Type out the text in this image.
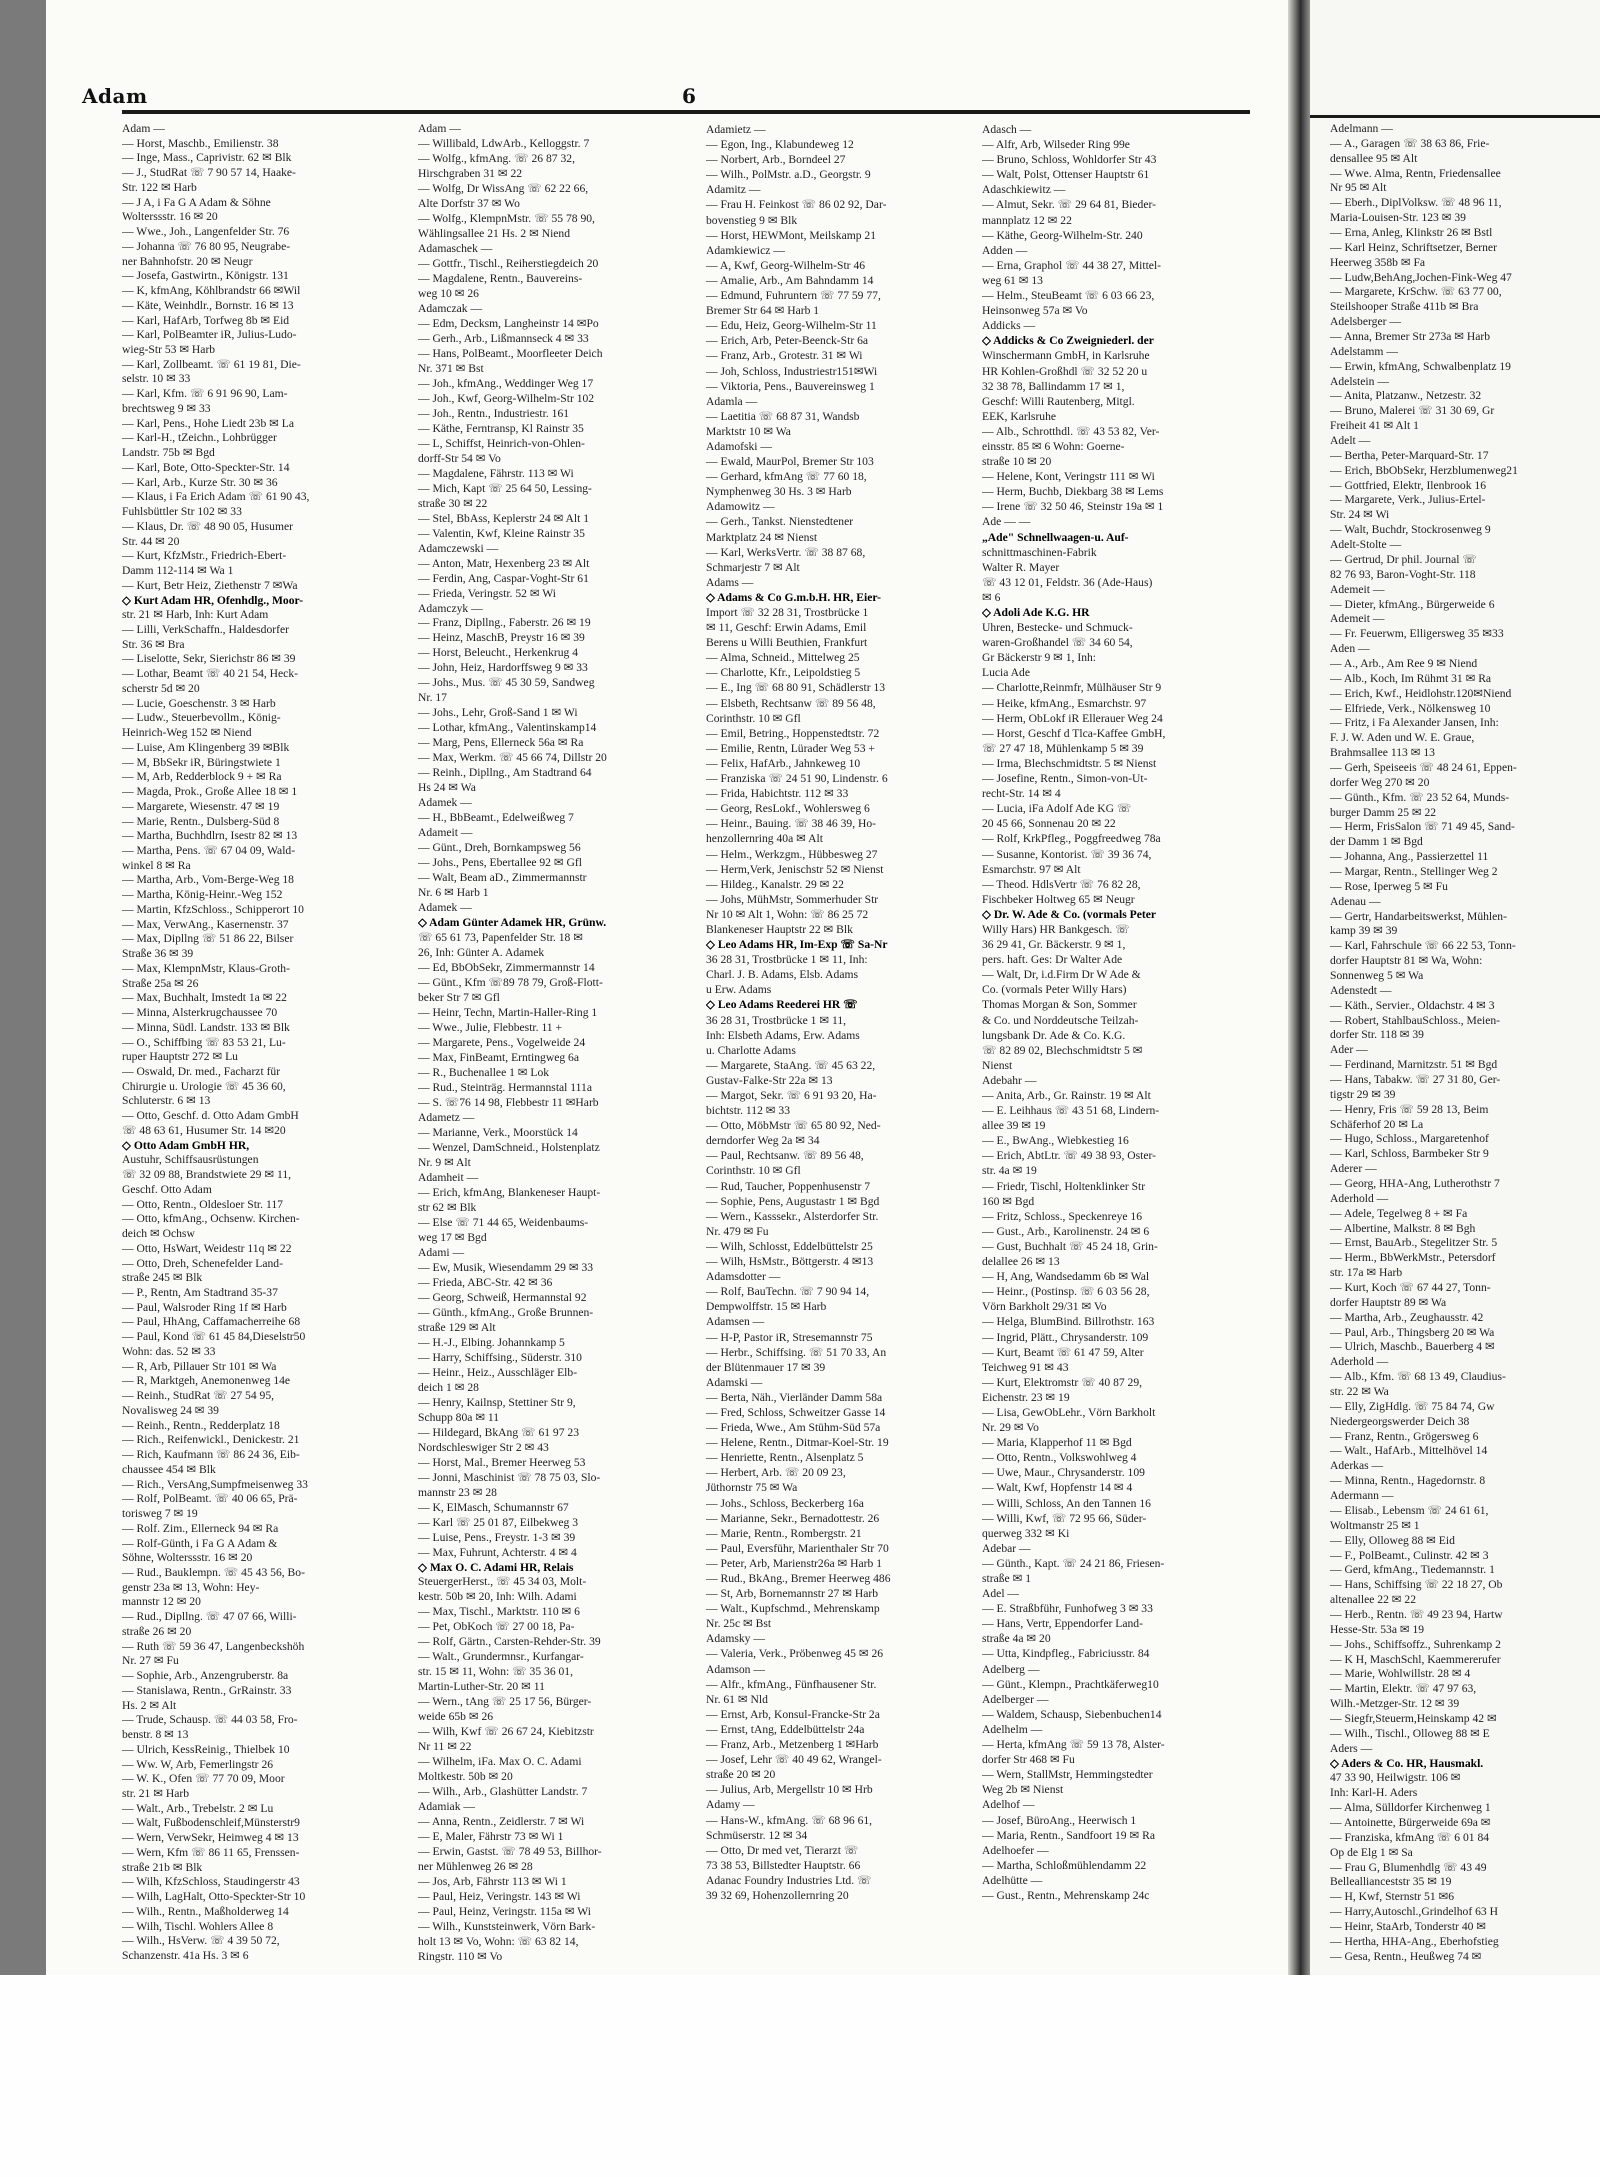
Adelmann —
— A., Garagen ☏ 38 63 86, Frie-
densallee 95 ✉ Alt
— Wwe. Alma, Rentn, Friedensallee
Nr 95 ✉ Alt
— Eberh., DiplVolksw. ☏ 48 96 11,
Maria-Louisen-Str. 123 ✉ 39
— Erna, Anleg, Klinkstr 26 ✉ Bstl
— Karl Heinz, Schriftsetzer, Berner
Heerweg 358b ✉ Fa
— Ludw,BehAng,Jochen-Fink-Weg 47
— Margarete, KrSchw. ☏ 63 77 00,
Steilshooper Straße 411b ✉ Bra
Adelsberger —
— Anna, Bremer Str 273a ✉ Harb
Adelstamm —
— Erwin, kfmAng, Schwalbenplatz 19
Adelstein —
— Anita, Platzanw., Netzestr. 32
— Bruno, Malerei ☏ 31 30 69, Gr
Freiheit 41 ✉ Alt 1
Adelt —
— Bertha, Peter-Marquard-Str. 17
— Erich, BbObSekr, Herzblumenweg21
— Gottfried, Elektr, Ilenbrook 16
— Margarete, Verk., Julius-Ertel-
Str. 24 ✉ Wi
— Walt, Buchdr, Stockrosenweg 9
Adelt-Stolte —
— Gertrud, Dr phil. Journal ☏
82 76 93, Baron-Voght-Str. 118
Ademeit —
— Dieter, kfmAng., Bürgerweide 6
Ademeit —
— Fr. Feuerwm, Elligersweg 35 ✉33
Aden —
— A., Arb., Am Ree 9 ✉ Niend
— Alb., Koch, Im Rühmt 31 ✉ Ra
— Erich, Kwf., Heidlohstr.120✉Niend
— Elfriede, Verk., Nölkensweg 10
— Fritz, i Fa Alexander Jansen, Inh:
F. J. W. Aden und W. E. Graue,
Brahmsallee 113 ✉ 13
— Gerh, Speiseeis ☏ 48 24 61, Eppen-
dorfer Weg 270 ✉ 20
— Günth., Kfm. ☏ 23 52 64, Munds-
burger Damm 25 ✉ 22
— Herm, FrisSalon ☏ 71 49 45, Sand-
der Damm 1 ✉ Bgd
— Johanna, Ang., Passierzettel 11
— Margar, Rentn., Stellinger Weg 2
— Rose, Iperweg 5 ✉ Fu
Adenau —
— Gertr, Handarbeitswerkst, Mühlen-
kamp 39 ✉ 39
— Karl, Fahrschule ☏ 66 22 53, Tonn-
dorfer Hauptstr 81 ✉ Wa, Wohn:
Sonnenweg 5 ✉ Wa
Adenstedt —
— Käth., Servier., Oldachstr. 4 ✉ 3
— Robert, StahlbauSchloss., Meien-
dorfer Str. 118 ✉ 39
Ader —
— Ferdinand, Marnitzstr. 51 ✉ Bgd
— Hans, Tabakw. ☏ 27 31 80, Ger-
tigstr 29 ✉ 39
— Henry, Fris ☏ 59 28 13, Beim
Schäferhof 20 ✉ La
— Hugo, Schloss., Margaretenhof
— Karl, Schloss, Barmbeker Str 9
Aderer —
— Georg, HHA-Ang, Lutherothstr 7
Aderhold —
— Adele, Tegelweg 8 + ✉ Fa
— Albertine, Malkstr. 8 ✉ Bgh
— Ernst, BauArb., Stegelitzer Str. 5
— Herm., BbWerkMstr., Petersdorf
str. 17a ✉ Harb
— Kurt, Koch ☏ 67 44 27, Tonn-
dorfer Hauptstr 89 ✉ Wa
— Martha, Arb., Zeughausstr. 42
— Paul, Arb., Thingsberg 20 ✉ Wa
— Ulrich, Maschb., Bauerberg 4 ✉
Aderhold —
— Alb., Kfm. ☏ 68 13 49, Claudius-
str. 22 ✉ Wa
— Elly, ZigHdlg. ☏ 75 84 74, Gw
Niedergeorgswerder Deich 38
— Franz, Rentn., Grögersweg 6
— Walt., HafArb., Mittelhövel 14
Aderkas —
— Minna, Rentn., Hagedornstr. 8
Adermann —
— Elisab., Lebensm ☏ 24 61 61,
Woltmanstr 25 ✉ 1
— Elly, Olloweg 88 ✉ Eid
— F., PolBeamt., Culinstr. 42 ✉ 3
— Gerd, kfmAng., Tiedemannstr. 1
— Hans, Schiffsing ☏ 22 18 27, Ob
altenallee 22 ✉ 22
— Herb., Rentn. ☏ 49 23 94, Hartw
Hesse-Str. 53a ✉ 19
— Johs., Schiffsoffz., Suhrenkamp 2
— K H, MaschSchl, Kaemmererufer
— Marie, Wohlwillstr. 28 ✉ 4
— Martin, Elektr. ☏ 47 97 63,
Wilh.-Metzger-Str. 12 ✉ 39
— Siegfr,Steuerm,Heinskamp 42 ✉
— Wilh., Tischl., Olloweg 88 ✉ E
Aders —
◇ Aders & Co. HR, Hausmakl.
47 33 90, Heilwigstr. 106 ✉
Inh: Karl-H. Aders
— Alma, Sülldorfer Kirchenweg 1
— Antoinette, Bürgerweide 69a ✉
— Franziska, kfmAng ☏ 6 01 84
Op de Elg 1 ✉ Sa
— Frau G, Blumenhdlg ☏ 43 49
Belleallianceststr 35 ✉ 19
— H, Kwf, Sternstr 51 ✉6
— Harry,Autoschl.,Grindelhof 63 H
— Heinr, StaArb, Tonderstr 40 ✉
— Hertha, HHA-Ang., Eberhofstieg
— Gesa, Rentn., Heußweg 74 ✉
Adam	6
Adam —
— Horst, Maschb., Emilienstr. 38
— Inge, Mass., Caprivistr. 62 ✉ Blk
— J., StudRat ☏ 7 90 57 14, Haake-
Str. 122 ✉ Harb
— J A, i Fa G A Adam & Söhne
Wolterssstr. 16 ✉ 20
— Wwe., Joh., Langenfelder Str. 76
— Johanna ☏ 76 80 95, Neugrabe-
ner Bahnhofstr. 20 ✉ Neugr
— Josefa, Gastwirtn., Königstr. 131
— K, kfmAng, Köhlbrandstr 66 ✉Wil
— Käte, Weinhdlr., Bornstr. 16 ✉ 13
— Karl, HafArb, Torfweg 8b ✉ Eid
— Karl, PolBeamter iR, Julius-Ludo-
wieg-Str 53 ✉ Harb
— Karl, Zollbeamt. ☏ 61 19 81, Die-
selstr. 10 ✉ 33
— Karl, Kfm. ☏ 6 91 96 90, Lam-
brechtsweg 9 ✉ 33
— Karl, Pens., Hohe Liedt 23b ✉ La
— Karl-H., tZeichn., Lohbrügger
Landstr. 75b ✉ Bgd
— Karl, Bote, Otto-Speckter-Str. 14
— Karl, Arb., Kurze Str. 30 ✉ 36
— Klaus, i Fa Erich Adam ☏ 61 90 43,
Fuhlsbüttler Str 102 ✉ 33
— Klaus, Dr. ☏ 48 90 05, Husumer
Str. 44 ✉ 20
— Kurt, KfzMstr., Friedrich-Ebert-
Damm 112-114 ✉ Wa 1
— Kurt, Betr Heiz, Ziethenstr 7 ✉Wa
◇ Kurt Adam HR, Ofenhdlg., Moor-
str. 21 ✉ Harb, Inh: Kurt Adam
— Lilli, VerkSchaffn., Haldesdorfer
Str. 36 ✉ Bra
— Liselotte, Sekr, Sierichstr 86 ✉ 39
— Lothar, Beamt ☏ 40 21 54, Heck-
scherstr 5d ✉ 20
— Lucie, Goeschenstr. 3 ✉ Harb
— Ludw., Steuerbevollm., König-
Heinrich-Weg 152 ✉ Niend
— Luise, Am Klingenberg 39 ✉Blk
— M, BbSekr iR, Büringstwiete 1
— M, Arb, Redderblock 9 + ✉ Ra
— Magda, Prok., Große Allee 18 ✉ 1
— Margarete, Wiesenstr. 47 ✉ 19
— Marie, Rentn., Dulsberg-Süd 8
— Martha, Buchhdlrn, Isestr 82 ✉ 13
— Martha, Pens. ☏ 67 04 09, Wald-
winkel 8 ✉ Ra
— Martha, Arb., Vom-Berge-Weg 18
— Martha, König-Heinr.-Weg 152
— Martin, KfzSchloss., Schipperort 10
— Max, VerwAng., Kasernenstr. 37
— Max, Dipllng ☏ 51 86 22, Bilser
Straße 36 ✉ 39
— Max, KlempnMstr, Klaus-Groth-
Straße 25a ✉ 26
— Max, Buchhalt, Imstedt 1a ✉ 22
— Minna, Alsterkrugchaussee 70
— Minna, Südl. Landstr. 133 ✉ Blk
— O., Schiffbing ☏ 83 53 21, Lu-
ruper Hauptstr 272 ✉ Lu
— Oswald, Dr. med., Facharzt für
Chirurgie u. Urologie ☏ 45 36 60,
Schluterstr. 6 ✉ 13
— Otto, Geschf. d. Otto Adam GmbH
☏ 48 63 61, Husumer Str. 14 ✉20
◇ Otto Adam GmbH HR,
Austuhr, Schiffsausrüstungen
☏ 32 09 88, Brandstwiete 29 ✉ 11,
Geschf. Otto Adam
— Otto, Rentn., Oldesloer Str. 117
— Otto, kfmAng., Ochsenw. Kirchen-
deich ✉ Ochsw
— Otto, HsWart, Weidestr 11q ✉ 22
— Otto, Dreh, Schenefelder Land-
straße 245 ✉ Blk
— P., Rentn, Am Stadtrand 35-37
— Paul, Walsroder Ring 1f ✉ Harb
— Paul, HhAng, Caffamacherreihe 68
— Paul, Kond ☏ 61 45 84,Dieselstr50
Wohn: das. 52 ✉ 33
— R, Arb, Pillauer Str 101 ✉ Wa
— R, Marktgeh, Anemonenweg 14e
— Reinh., StudRat ☏ 27 54 95,
Novalisweg 24 ✉ 39
— Reinh., Rentn., Redderplatz 18
— Rich., Reifenwickl., Denickestr. 21
— Rich, Kaufmann ☏ 86 24 36, Eib-
chaussee 454 ✉ Blk
— Rich., VersAng,Sumpfmeisenweg 33
— Rolf, PolBeamt. ☏ 40 06 65, Prä-
torisweg 7 ✉ 19
— Rolf. Zim., Ellerneck 94 ✉ Ra
— Rolf-Günth, i Fa G A Adam &
Söhne, Wolterssstr. 16 ✉ 20
— Rud., Bauklempn. ☏ 45 43 56, Bo-
genstr 23a ✉ 13, Wohn: Hey-
mannstr 12 ✉ 20
— Rud., Dipllng. ☏ 47 07 66, Willi-
straße 26 ✉ 20
— Ruth ☏ 59 36 47, Langenbeckshöh
Nr. 27 ✉ Fu
— Sophie, Arb., Anzengruberstr. 8a
— Stanislawa, Rentn., GrRainstr. 33
Hs. 2 ✉ Alt
— Trude, Schausp. ☏ 44 03 58, Fro-
benstr. 8 ✉ 13
— Ulrich, KessReinig., Thielbek 10
— Ww. W, Arb, Femerlingstr 26
— W. K., Ofen ☏ 77 70 09, Moor
str. 21 ✉ Harb
— Walt., Arb., Trebelstr. 2 ✉ Lu
— Walt, Fußbodenschleif,Münsterstr9
— Wern, VerwSekr, Heimweg 4 ✉ 13
— Wern, Kfm ☏ 86 11 65, Frenssen-
straße 21b ✉ Blk
— Wilh, KfzSchloss, Staudingerstr 43
— Wilh, LagHalt, Otto-Speckter-Str 10
— Wilh., Rentn., Maßholderweg 14
— Wilh, Tischl. Wohlers Allee 8
— Wilh., HsVerw. ☏ 4 39 50 72,
Schanzenstr. 41a Hs. 3 ✉ 6
Adam —
— Willibald, LdwArb., Kelloggstr. 7
— Wolfg., kfmAng. ☏ 26 87 32,
Hirschgraben 31 ✉ 22
— Wolfg, Dr WissAng ☏ 62 22 66,
Alte Dorfstr 37 ✉ Wo
— Wolfg., KlempnMstr. ☏ 55 78 90,
Wählingsallee 21 Hs. 2 ✉ Niend
Adamaschek —
— Gottfr., Tischl., Reiherstiegdeich 20
— Magdalene, Rentn., Bauvereins-
weg 10 ✉ 26
Adamczak —
— Edm, Decksm, Langheinstr 14 ✉Po
— Gerh., Arb., Lißmannseck 4 ✉ 33
— Hans, PolBeamt., Moorfleeter Deich
Nr. 371 ✉ Bst
— Joh., kfmAng., Weddinger Weg 17
— Joh., Kwf, Georg-Wilhelm-Str 102
— Joh., Rentn., Industriestr. 161
— Käthe, Ferntransp, Kl Rainstr 35
— L, Schiffst, Heinrich-von-Ohlen-
dorff-Str 54 ✉ Vo
— Magdalene, Fährstr. 113 ✉ Wi
— Mich, Kapt ☏ 25 64 50, Lessing-
straße 30 ✉ 22
— Stel, BbAss, Keplerstr 24 ✉ Alt 1
— Valentin, Kwf, Kleine Rainstr 35
Adamczewski —
— Anton, Matr, Hexenberg 23 ✉ Alt
— Ferdin, Ang, Caspar-Voght-Str 61
— Frieda, Veringstr. 52 ✉ Wi
Adamczyk —
— Franz, Dipllng., Faberstr. 26 ✉ 19
— Heinz, MaschB, Preystr 16 ✉ 39
— Horst, Beleucht., Herkenkrug 4
— John, Heiz, Hardorffsweg 9 ✉ 33
— Johs., Mus. ☏ 45 30 59, Sandweg
Nr. 17
— Johs., Lehr, Groß-Sand 1 ✉ Wi
— Lothar, kfmAng., Valentinskamp14
— Marg, Pens, Ellerneck 56a ✉ Ra
— Max, Werkm. ☏ 45 66 74, Dillstr 20
— Reinh., Dipllng., Am Stadtrand 64
Hs 24 ✉ Wa
Adamek —
— H., BbBeamt., Edelweißweg 7
Adameit —
— Günt., Dreh, Bornkampsweg 56
— Johs., Pens, Ebertallee 92 ✉ Gfl
— Walt, Beam aD., Zimmermannstr
Nr. 6 ✉ Harb 1
Adamek —
◇ Adam Günter Adamek HR, Grünw.
☏ 65 61 73, Papenfelder Str. 18 ✉
26, Inh: Günter A. Adamek
— Ed, BbObSekr, Zimmermannstr 14
— Günt., Kfm ☏89 78 79, Groß-Flott-
beker Str 7 ✉ Gfl
— Heinr, Techn, Martin-Haller-Ring 1
— Wwe., Julie, Flebbestr. 11 +
— Margarete, Pens., Vogelweide 24
— Max, FinBeamt, Erntingweg 6a
— R., Buchenallee 1 ✉ Lok
— Rud., Steinträg. Hermannstal 111a
— S. ☏76 14 98, Flebbestr 11 ✉Harb
Adametz —
— Marianne, Verk., Moorstück 14
— Wenzel, DamSchneid., Holstenplatz
Nr. 9 ✉ Alt
Adamheit —
— Erich, kfmAng, Blankeneser Haupt-
str 62 ✉ Blk
— Else ☏ 71 44 65, Weidenbaums-
weg 17 ✉ Bgd
Adami —
— Ew, Musik, Wiesendamm 29 ✉ 33
— Frieda, ABC-Str. 42 ✉ 36
— Georg, Schweiß, Hermannstal 92
— Günth., kfmAng., Große Brunnen-
straße 129 ✉ Alt
— H.-J., Elbing. Johannkamp 5
— Harry, Schiffsing., Süderstr. 310
— Heinr., Heiz., Ausschläger Elb-
deich 1 ✉ 28
— Henry, Kailnsp, Stettiner Str 9,
Schupp 80a ✉ 11
— Hildegard, BkAng ☏ 61 97 23
Nordschleswiger Str 2 ✉ 43
— Horst, Mal., Bremer Heerweg 53
— Jonni, Maschinist ☏ 78 75 03, Slo-
mannstr 23 ✉ 28
— K, ElMasch, Schumannstr 67
— Karl ☏ 25 01 87, Eilbekweg 3
— Luise, Pens., Freystr. 1-3 ✉ 39
— Max, Fuhrunt, Achterstr. 4 ✉ 4
◇ Max O. C. Adami HR, Relais
SteuergerHerst., ☏ 45 34 03, Molt-
kestr. 50b ✉ 20, Inh: Wilh. Adami
— Max, Tischl., Marktstr. 110 ✉ 6
— Pet, ObKoch ☏ 27 00 18, Pa-
— Rolf, Gärtn., Carsten-Rehder-Str. 39
— Walt., Grundermnsr., Kurfangar-
str. 15 ✉ 11, Wohn: ☏ 35 36 01,
Martin-Luther-Str. 20 ✉ 11
— Wern., tAng ☏ 25 17 56, Bürger-
weide 65b ✉ 26
— Wilh, Kwf ☏ 26 67 24, Kiebitzstr
Nr 11 ✉ 22
— Wilhelm, iFa. Max O. C. Adami
Moltkestr. 50b ✉ 20
— Wilh., Arb., Glashütter Landstr. 7
Adamiak —
— Anna, Rentn., Zeidlerstr. 7 ✉ Wi
— E, Maler, Fährstr 73 ✉ Wi 1
— Erwin, Gastst. ☏ 78 49 53, Billhor-
ner Mühlenweg 26 ✉ 28
— Jos, Arb, Fährstr 113 ✉ Wi 1
— Paul, Heiz, Veringstr. 143 ✉ Wi
— Paul, Heinz, Veringstr. 115a ✉ Wi
— Wilh., Kunststeinwerk, Vörn Bark-
holt 13 ✉ Vo, Wohn: ☏ 63 82 14,
Ringstr. 110 ✉ Vo
Adamietz —
— Egon, Ing., Klabundeweg 12
— Norbert, Arb., Borndeel 27
— Wilh., PolMstr. a.D., Georgstr. 9
Adamitz —
— Frau H. Feinkost ☏ 86 02 92, Dar-
bovenstieg 9 ✉ Blk
— Horst, HEWMont, Meilskamp 21
Adamkiewicz —
— A, Kwf, Georg-Wilhelm-Str 46
— Amalie, Arb., Am Bahndamm 14
— Edmund, Fuhruntern ☏ 77 59 77,
Bremer Str 64 ✉ Harb 1
— Edu, Heiz, Georg-Wilhelm-Str 11
— Erich, Arb, Peter-Beenck-Str 6a
— Franz, Arb., Grotestr. 31 ✉ Wi
— Joh, Schloss, Industriestr151✉Wi
— Viktoria, Pens., Bauvereinsweg 1
Adamla —
— Laetitia ☏ 68 87 31, Wandsb
Marktstr 10 ✉ Wa
Adamofski —
— Ewald, MaurPol, Bremer Str 103
— Gerhard, kfmAng ☏ 77 60 18,
Nymphenweg 30 Hs. 3 ✉ Harb
Adamowitz —
— Gerh., Tankst. Nienstedtener
Marktplatz 24 ✉ Nienst
— Karl, WerksVertr. ☏ 38 87 68,
Schmarjestr 7 ✉ Alt
Adams —
◇ Adams & Co G.m.b.H. HR, Eier-
Import ☏ 32 28 31, Trostbrücke 1
✉ 11, Geschf: Erwin Adams, Emil
Berens u Willi Beuthien, Frankfurt
— Alma, Schneid., Mittelweg 25
— Charlotte, Kfr., Leipoldstieg 5
— E., Ing ☏ 68 80 91, Schädlerstr 13
— Elsbeth, Rechtsanw ☏ 89 56 48,
Corinthstr. 10 ✉ Gfl
— Emil, Betring., Hoppenstedtstr. 72
— Emilie, Rentn, Lürader Weg 53 +
— Felix, HafArb., Jahnkeweg 10
— Franziska ☏ 24 51 90, Lindenstr. 6
— Frida, Habichtstr. 112 ✉ 33
— Georg, ResLokf., Wohlersweg 6
— Heinr., Bauing. ☏ 38 46 39, Ho-
henzollernring 40a ✉ Alt
— Helm., Werkzgm., Hübbesweg 27
— Herm,Verk, Jenischstr 52 ✉ Nienst
— Hildeg., Kanalstr. 29 ✉ 22
— Johs, MühMstr, Sommerhuder Str
Nr 10 ✉ Alt 1, Wohn: ☏ 86 25 72
Blankeneser Hauptstr 22 ✉ Blk
◇ Leo Adams HR, Im-Exp ☏ Sa-Nr
36 28 31, Trostbrücke 1 ✉ 11, Inh:
Charl. J. B. Adams, Elsb. Adams
u Erw. Adams
◇ Leo Adams Reederei HR ☏
36 28 31, Trostbrücke 1 ✉ 11,
Inh: Elsbeth Adams, Erw. Adams
u. Charlotte Adams
— Margarete, StaAng. ☏ 45 63 22,
Gustav-Falke-Str 22a ✉ 13
— Margot, Sekr. ☏ 6 91 93 20, Ha-
bichtstr. 112 ✉ 33
— Otto, MöbMstr ☏ 65 80 92, Ned-
derndorfer Weg 2a ✉ 34
— Paul, Rechtsanw. ☏ 89 56 48,
Corinthstr. 10 ✉ Gfl
— Rud, Taucher, Poppenhusenstr 7
— Sophie, Pens, Augustastr 1 ✉ Bgd
— Wern., Kasssekr., Alsterdorfer Str.
Nr. 479 ✉ Fu
— Wilh, Schlosst, Eddelbüttelstr 25
— Wilh, HsMstr., Böttgerstr. 4 ✉13
Adamsdotter —
— Rolf, BauTechn. ☏ 7 90 94 14,
Dempwolffstr. 15 ✉ Harb
Adamsen —
— H-P, Pastor iR, Stresemannstr 75
— Herbr., Schiffsing. ☏ 51 70 33, An
der Blütenmauer 17 ✉ 39
Adamski —
— Berta, Näh., Vierländer Damm 58a
— Fred, Schloss, Schweitzer Gasse 14
— Frieda, Wwe., Am Stühm-Süd 57a
— Helene, Rentn., Ditmar-Koel-Str. 19
— Henriette, Rentn., Alsenplatz 5
— Herbert, Arb. ☏ 20 09 23,
Jüthornstr 75 ✉ Wa
— Johs., Schloss, Beckerberg 16a
— Marianne, Sekr., Bernadottestr. 26
— Marie, Rentn., Rombergstr. 21
— Paul, Eversführ, Marienthaler Str 70
— Peter, Arb, Marienstr26a ✉ Harb 1
— Rud., BkAng., Bremer Heerweg 486
— St, Arb, Bornemannstr 27 ✉ Harb
— Walt., Kupfschmd., Mehrenskamp
Nr. 25c ✉ Bst
Adamsky —
— Valeria, Verk., Pröbenweg 45 ✉ 26
Adamson —
— Alfr., kfmAng., Fünfhausener Str.
Nr. 61 ✉ Nld
— Ernst, Arb, Konsul-Francke-Str 2a
— Ernst, tAng, Eddelbüttelstr 24a
— Franz, Arb., Metzenberg 1 ✉Harb
— Josef, Lehr ☏ 40 49 62, Wrangel-
straße 20 ✉ 20
— Julius, Arb, Mergellstr 10 ✉ Hrb
Adamy —
— Hans-W., kfmAng. ☏ 68 96 61,
Schmüserstr. 12 ✉ 34
— Otto, Dr med vet, Tierarzt ☏
73 38 53, Billstedter Hauptstr. 66
Adanac Foundry Industries Ltd. ☏
39 32 69, Hohenzollernring 20
Adasch —
— Alfr, Arb, Wilseder Ring 99e
— Bruno, Schloss, Wohldorfer Str 43
— Walt, Polst, Ottenser Hauptstr 61
Adaschkiewitz —
— Almut, Sekr. ☏ 29 64 81, Bieder-
mannplatz 12 ✉ 22
— Käthe, Georg-Wilhelm-Str. 240
Adden —
— Erna, Graphol ☏ 44 38 27, Mittel-
weg 61 ✉ 13
— Helm., SteuBeamt ☏ 6 03 66 23,
Heinsonweg 57a ✉ Vo
Addicks —
◇ Addicks & Co Zweigniederl. der
Winschermann GmbH, in Karlsruhe
HR Kohlen-Großhdl ☏ 32 52 20 u
32 38 78, Ballindamm 17 ✉ 1,
Geschf: Willi Rautenberg, Mitgl.
EEK, Karlsruhe
— Alb., Schrotthdl. ☏ 43 53 82, Ver-
einsstr. 85 ✉ 6 Wohn: Goerne-
straße 10 ✉ 20
— Helene, Kont, Veringstr 111 ✉ Wi
— Herm, Buchb, Diekbarg 38 ✉ Lems
— Irene ☏ 32 50 46, Steinstr 19a ✉ 1
Ade — —
„Ade" Schnellwaagen-u. Auf-
schnittmaschinen-Fabrik
Walter R. Mayer
☏ 43 12 01, Feldstr. 36 (Ade-Haus)
✉ 6
◇ Adoli Ade K.G. HR
Uhren, Bestecke- und Schmuck-
waren-Großhandel ☏ 34 60 54,
Gr Bäckerstr 9 ✉ 1, Inh:
Lucia Ade
— Charlotte,Reinmfr, Mülhäuser Str 9
— Heike, kfmAng., Esmarchstr. 97
— Herm, ObLokf iR Ellerauer Weg 24
— Horst, Geschf d Tlca-Kaffee GmbH,
☏ 27 47 18, Mühlenkamp 5 ✉ 39
— Irma, Blechschmidtstr. 5 ✉ Nienst
— Josefine, Rentn., Simon-von-Ut-
recht-Str. 14 ✉ 4
— Lucia, iFa Adolf Ade KG ☏
20 45 66, Sonnenau 20 ✉ 22
— Rolf, KrkPfleg., Poggfreedweg 78a
— Susanne, Kontorist. ☏ 39 36 74,
Esmarchstr. 97 ✉ Alt
— Theod. HdlsVertr ☏ 76 82 28,
Fischbeker Holtweg 65 ✉ Neugr
◇ Dr. W. Ade & Co. (vormals Peter
Willy Hars) HR Bankgesch. ☏
36 29 41, Gr. Bäckerstr. 9 ✉ 1,
pers. haft. Ges: Dr Walter Ade
— Walt, Dr, i.d.Firm Dr W Ade &
Co. (vormals Peter Willy Hars)
Thomas Morgan & Son, Sommer
& Co. und Norddeutsche Teilzah-
lungsbank Dr. Ade & Co. K.G.
☏ 82 89 02, Blechschmidtstr 5 ✉
Nienst
Adebahr —
— Anita, Arb., Gr. Rainstr. 19 ✉ Alt
— E. Leihhaus ☏ 43 51 68, Lindern-
allee 39 ✉ 19
— E., BwAng., Wiebkestieg 16
— Erich, AbtLtr. ☏ 49 38 93, Oster-
str. 4a ✉ 19
— Friedr, Tischl, Holtenklinker Str
160 ✉ Bgd
— Fritz, Schloss., Speckenreye 16
— Gust., Arb., Karolinenstr. 24 ✉ 6
— Gust, Buchhalt ☏ 45 24 18, Grin-
delallee 26 ✉ 13
— H, Ang, Wandsedamm 6b ✉ Wal
— Heinr., (Postinsp. ☏ 6 03 56 28,
Vörn Barkholt 29/31 ✉ Vo
— Helga, BlumBind. Billrothstr. 163
— Ingrid, Plätt., Chrysanderstr. 109
— Kurt, Beamt ☏ 61 47 59, Alter
Teichweg 91 ✉ 43
— Kurt, Elektromstr ☏ 40 87 29,
Eichenstr. 23 ✉ 19
— Lisa, GewObLehr., Vörn Barkholt
Nr. 29 ✉ Vo
— Maria, Klapperhof 11 ✉ Bgd
— Otto, Rentn., Volkswohlweg 4
— Uwe, Maur., Chrysanderstr. 109
— Walt, Kwf, Hopfenstr 14 ✉ 4
— Willi, Schloss, An den Tannen 16
— Willi, Kwf, ☏ 72 95 66, Süder-
querweg 332 ✉ Ki
Adebar —
— Günth., Kapt. ☏ 24 21 86, Friesen-
straße ✉ 1
Adel —
— E. Straßbführ, Funhofweg 3 ✉ 33
— Hans, Vertr, Eppendorfer Land-
straße 4a ✉ 20
— Utta, Kindpfleg., Fabriciusstr. 84
Adelberg —
— Günt., Klempn., Prachtkäferweg10
Adelberger —
— Waldem, Schausp, Siebenbuchen14
Adelhelm —
— Herta, kfmAng ☏ 59 13 78, Alster-
dorfer Str 468 ✉ Fu
— Wern, StallMstr, Hemmingstedter
Weg 2b ✉ Nienst
Adelhof —
— Josef, BüroAng., Heerwisch 1
— Maria, Rentn., Sandfoort 19 ✉ Ra
Adelhoefer —
— Martha, Schloßmühlendamm 22
Adelhütte —
— Gust., Rentn., Mehrenskamp 24c
